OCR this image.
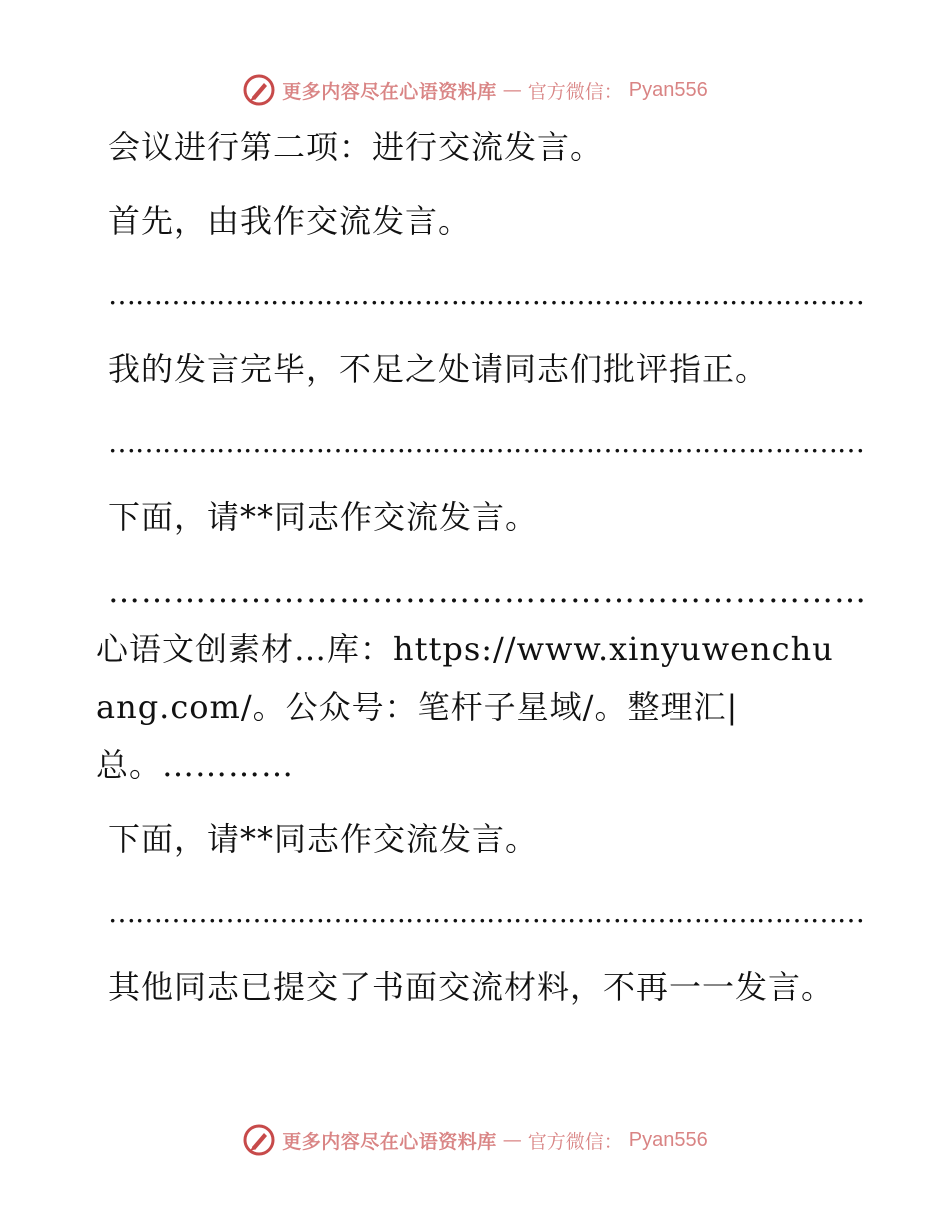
更多内容尽在心语资料库 — 官方微信： Pyan556

会议进行第二项：进行交流发言。

首先，由我作交流发言。

…………………………………………………………………………

我的发言完毕，不足之处请同志们批评指正。

…………………………………………………………………………

下面，请**同志作交流发言。

……………………………………………………………心语文创素材…库：https://www.xinyuwenchuang.com/。公众号：笔杆子星域/。整理汇|总。…………

下面，请**同志作交流发言。

…………………………………………………………………………

其他同志已提交了书面交流材料，不再一一发言。

更多内容尽在心语资料库 — 官方微信： Pyan556
